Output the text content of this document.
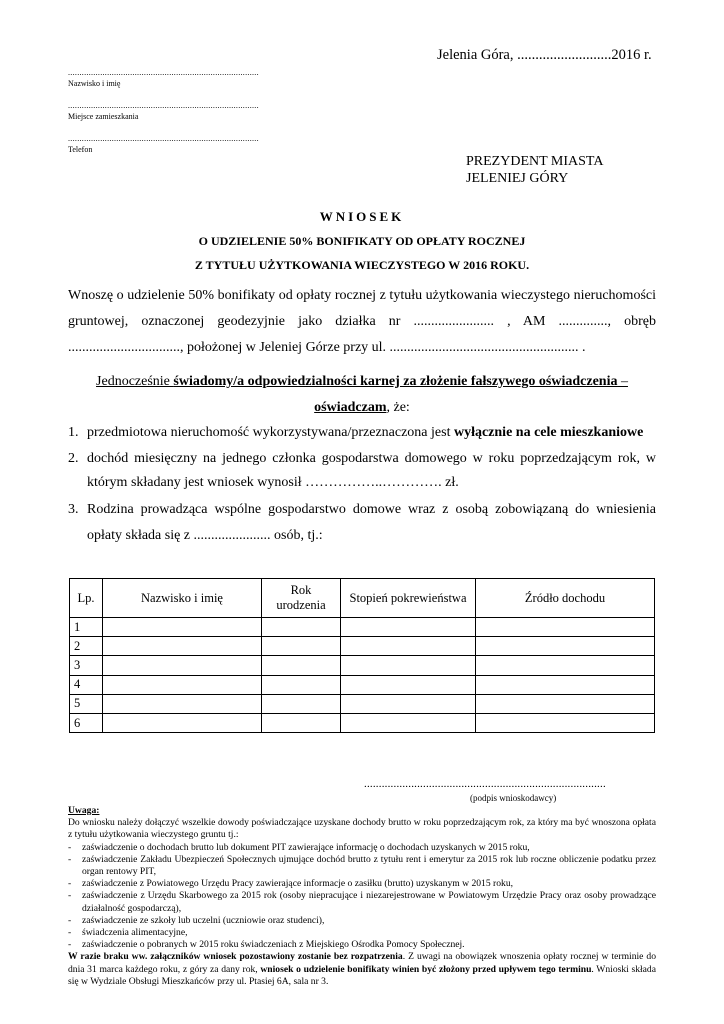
Jelenia Góra, ..........................2016 r.
...................................................................................
Nazwisko i imię
...................................................................................
Miejsce zamieszkania
...................................................................................
Telefon
PREZYDENT MIASTA
JELENIEJ GÓRY
WNIOSEK
O UDZIELENIE 50% BONIFIKATY OD OPŁATY ROCZNEJ
Z TYTUŁU UŻYTKOWANIA WIECZYSTEGO W 2016 ROKU.
Wnoszę o udzielenie 50% bonifikaty od opłaty rocznej z tytułu użytkowania wieczystego nieruchomości gruntowej, oznaczonej geodezyjnie jako działka nr ....................... , AM .............., obręb ................................, położonej w Jeleniej Górze przy ul. ...................................................... .
Jednocześnie świadomy/a odpowiedzialności karnej za złożenie fałszywego oświadczenia –
oświadczam, że:
1. przedmiotowa nieruchomość wykorzystywana/przeznaczona jest wyłącznie na cele mieszkaniowe
2. dochód miesięczny na jednego członka gospodarstwa domowego w roku poprzedzającym rok, w którym składany jest wniosek wynosił ……………..…………. zł.
3. Rodzina prowadząca wspólne gospodarstwo domowe wraz z osobą zobowiązaną do wniesienia opłaty składa się z ...................... osób, tj.:
Lp.	Nazwisko i imię	Rok urodzenia	Stopień pokrewieństwa	Źródło dochodu
1				
2				
3				
4				
5				
6				
..................................................................................
(podpis wnioskodawcy)

Uwaga:

Do wniosku należy dołączyć wszelkie dowody poświadczające uzyskane dochody brutto w roku poprzedzającym rok, za który ma być wnoszona opłata z tytułu użytkowania wieczystego gruntu tj.:

- zaświadczenie o dochodach brutto lub dokument PIT zawierające informację o dochodach uzyskanych w 2015 roku,

- zaświadczenie Zakładu Ubezpieczeń Społecznych ujmujące dochód brutto z tytułu rent i emerytur za 2015 rok lub roczne obliczenie podatku przez organ rentowy PIT,

- zaświadczenie z Powiatowego Urzędu Pracy zawierające informacje o zasiłku (brutto) uzyskanym w 2015 roku,

- zaświadczenie z Urzędu Skarbowego za 2015 rok (osoby niepracujące i niezarejestrowane w Powiatowym Urzędzie Pracy oraz osoby prowadzące działalność gospodarczą),

- zaświadczenie ze szkoły lub uczelni (uczniowie oraz studenci),

- świadczenia alimentacyjne,

- zaświadczenie o pobranych w 2015 roku świadczeniach z Miejskiego Ośrodka Pomocy Społecznej.

W razie braku ww. załączników wniosek pozostawiony zostanie bez rozpatrzenia. Z uwagi na obowiązek wnoszenia opłaty rocznej w terminie do dnia 31 marca każdego roku, z góry za dany rok, wniosek o udzielenie bonifikaty winien być złożony przed upływem tego terminu. Wnioski składa się w Wydziale Obsługi Mieszkańców przy ul. Ptasiej 6A, sala nr 3.
